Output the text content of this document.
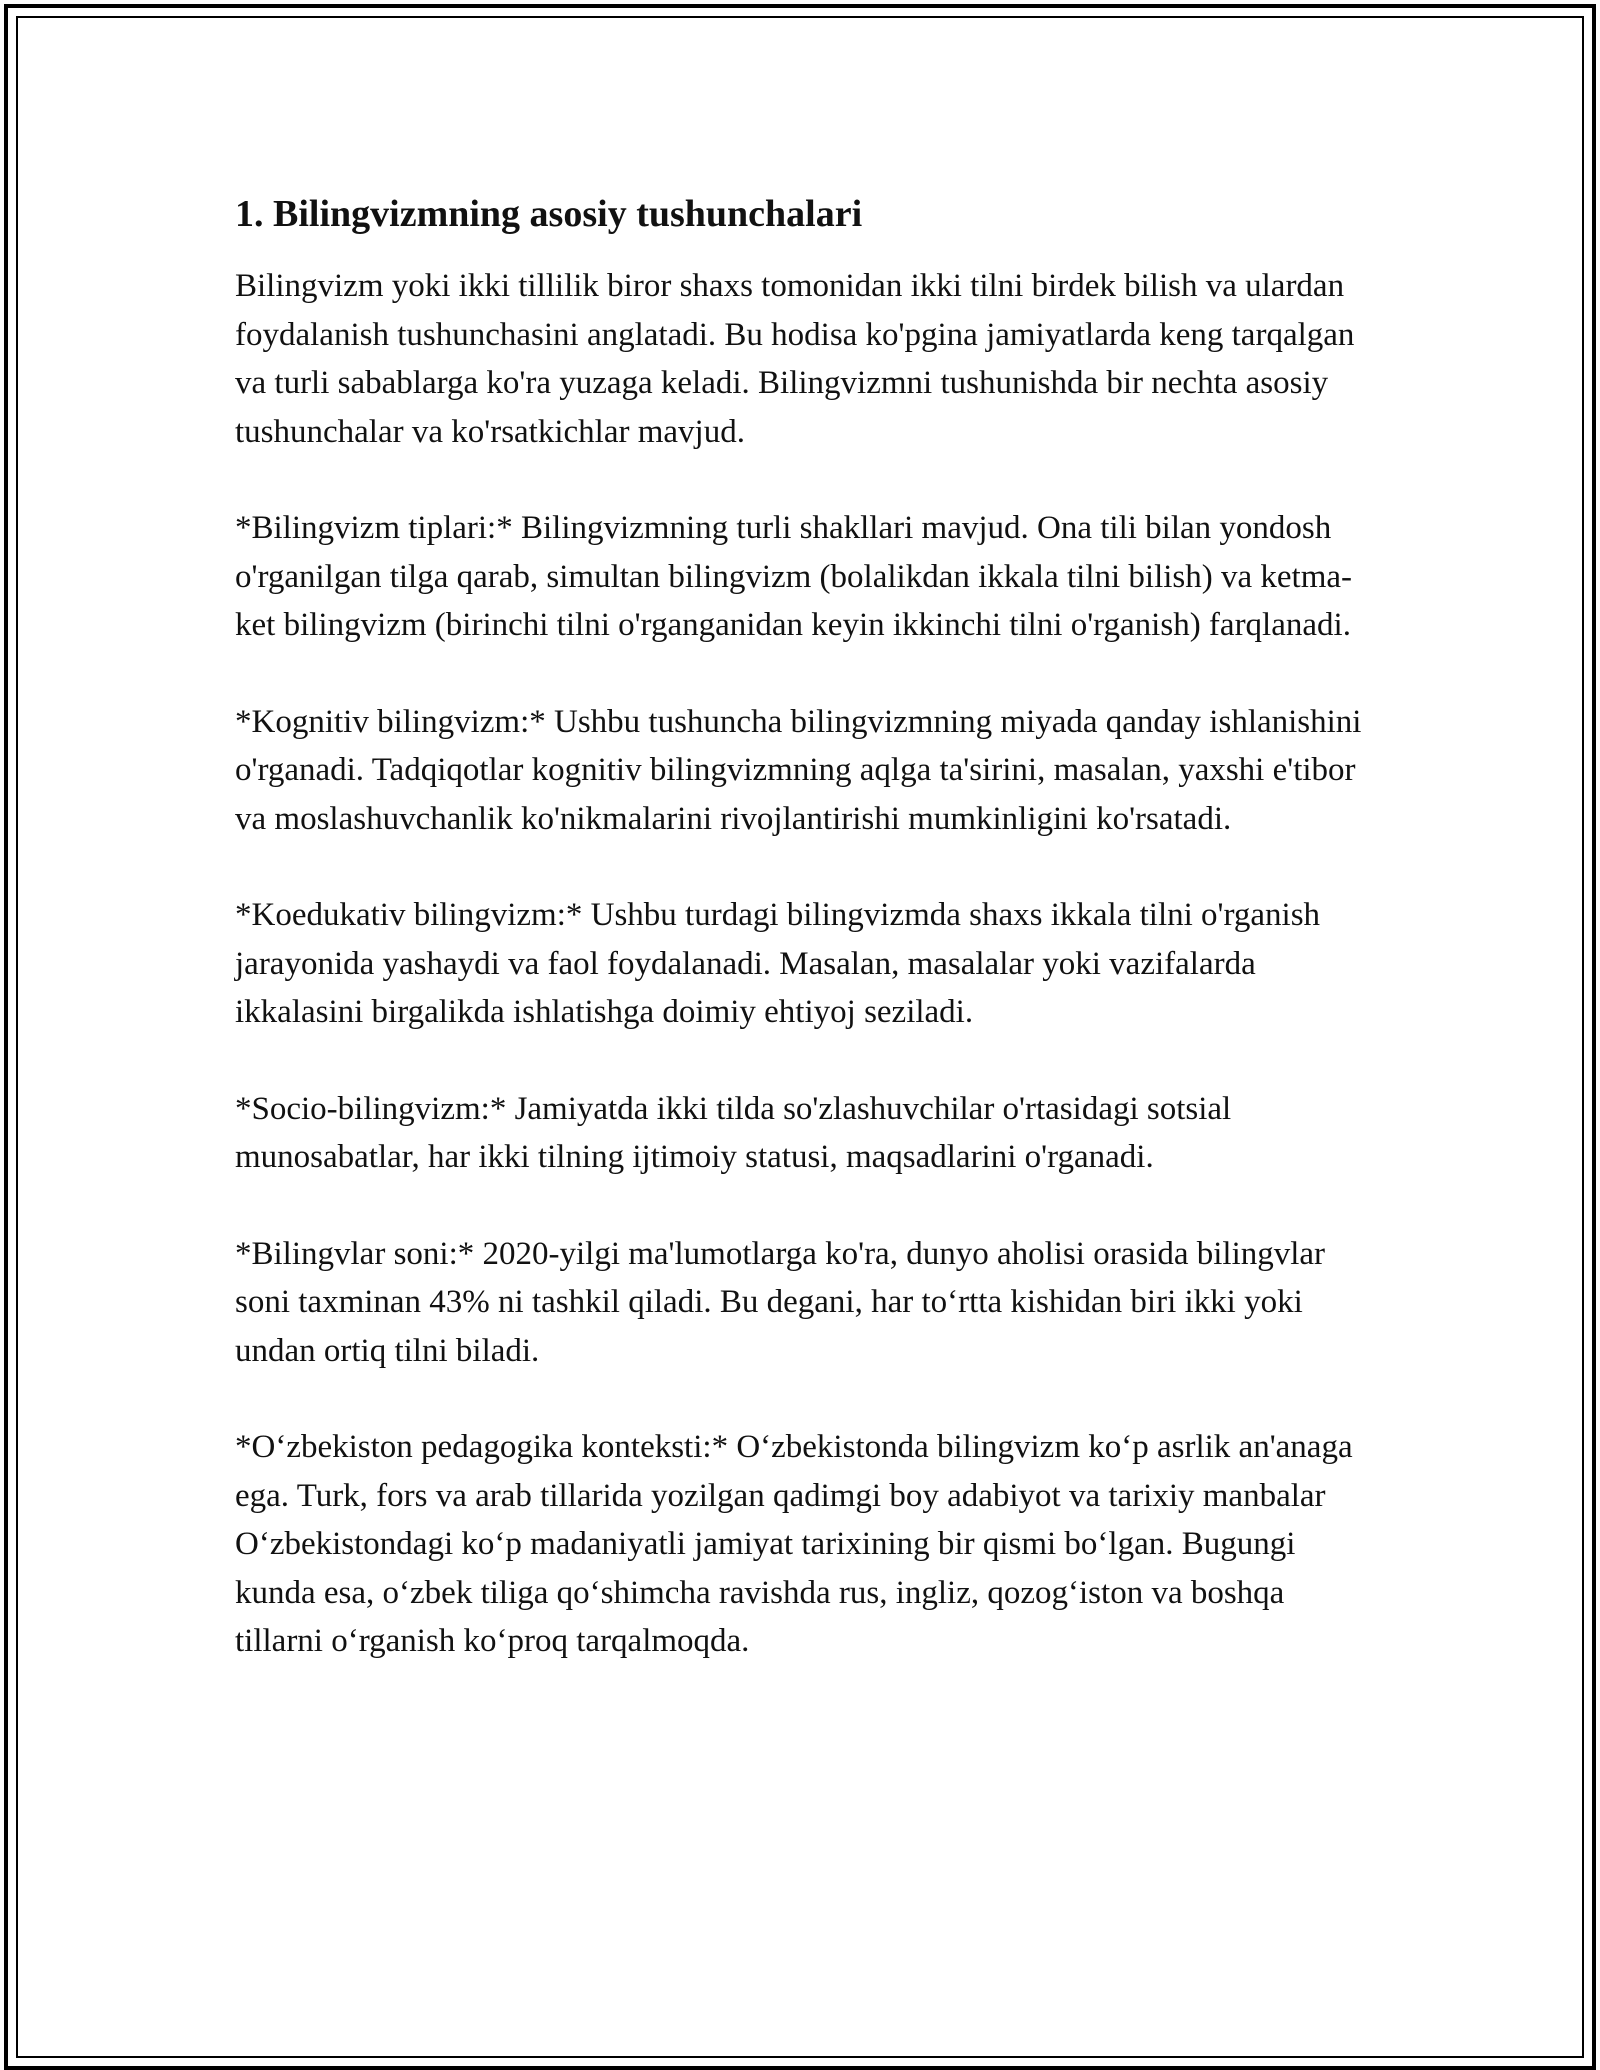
1. Bilingvizmning asosiy tushunchalari

Bilingvizm yoki ikki tillilik biror shaxs tomonidan ikki tilni birdek bilish va ulardan foydalanish tushunchasini anglatadi. Bu hodisa ko'pgina jamiyatlarda keng tarqalgan va turli sabablarga ko'ra yuzaga keladi. Bilingvizmni tushunishda bir nechta asosiy tushunchalar va ko'rsatkichlar mavjud.

*Bilingvizm tiplari:* Bilingvizmning turli shakllari mavjud. Ona tili bilan yondosh o'rganilgan tilga qarab, simultan bilingvizm (bolalikdan ikkala tilni bilish) va ketma-ket bilingvizm (birinchi tilni o'rganganidan keyin ikkinchi tilni o'rganish) farqlanadi.

*Kognitiv bilingvizm:* Ushbu tushuncha bilingvizmning miyada qanday ishlanishini o'rganadi. Tadqiqotlar kognitiv bilingvizmning aqlga ta'sirini, masalan, yaxshi e'tibor va moslashuvchanlik ko'nikmalarini rivojlantirishi mumkinligini ko'rsatadi.

*Koedukativ bilingvizm:* Ushbu turdagi bilingvizmda shaxs ikkala tilni o'rganish jarayonida yashaydi va faol foydalanadi. Masalan, masalalar yoki vazifalarda ikkalasini birgalikda ishlatishga doimiy ehtiyoj seziladi.

*Socio-bilingvizm:* Jamiyatda ikki tilda so'zlashuvchilar o'rtasidagi sotsial munosabatlar, har ikki tilning ijtimoiy statusi, maqsadlarini o'rganadi.

*Bilingvlar soni:* 2020-yilgi ma'lumotlarga ko'ra, dunyo aholisi orasida bilingvlar soni taxminan 43% ni tashkil qiladi. Bu degani, har to‘rtta kishidan biri ikki yoki undan ortiq tilni biladi.

*O‘zbekiston pedagogika konteksti:* O‘zbekistonda bilingvizm ko‘p asrlik an'anaga ega. Turk, fors va arab tillarida yozilgan qadimgi boy adabiyot va tarixiy manbalar O‘zbekistondagi ko‘p madaniyatli jamiyat tarixining bir qismi bo‘lgan. Bugungi kunda esa, o‘zbek tiliga qo‘shimcha ravishda rus, ingliz, qozog‘iston va boshqa tillarni o‘rganish ko‘proq tarqalmoqda.
